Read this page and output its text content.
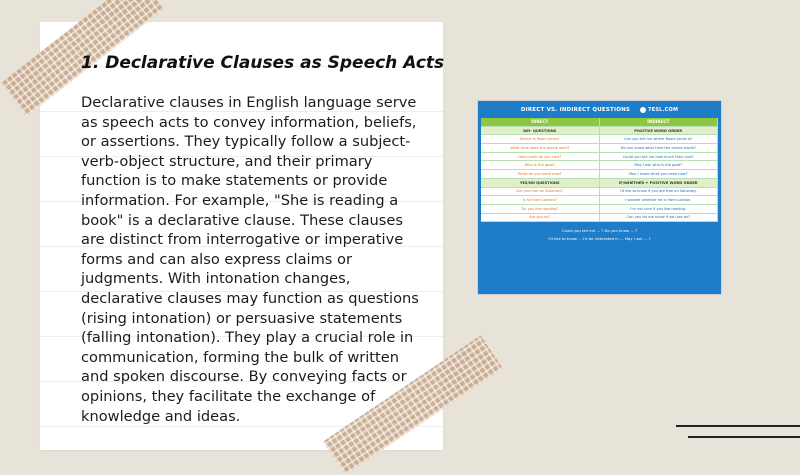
1. Declarative Clauses as Speech Acts

Declarative clauses in English language serve as speech acts to convey information, beliefs, or assertions. They typically follow a subject-verb-object structure, and their primary function is to make statements or provide information. For example, "She is reading a book" is a declarative clause. These clauses are distinct from interrogative or imperative forms and can also express claims or judgments. With intonation changes, declarative clauses may function as questions (rising intonation) or persuasive statements (falling intonation). They play a crucial role in communication, forming the bulk of written and spoken discourse. By conveying facts or opinions, they facilitate the exchange of knowledge and ideas.

DIRECT VS. INDIRECT QUESTIONS	7ESL.COM
DIRECT	INDIRECT
WH- QUESTIONS	POSITIVE WORD ORDER
Where is Room Jones?	Can you tell me where Room Jones is?
What time does the movie start?	Do you know what time the movie starts?
How much do you cost?	Could you tell me how much they cost?
Who is the goat?	May I ask who is the goat?
What do you need now?	May I know what you need now?
YES/NO QUESTIONS	IF/WHETHER + POSITIVE WORD ORDER
Are you free on Saturday?	I'd like to know if you are free on Saturday.
Is he from London?	I wonder whether he is from London.
Do you like reading?	I'm not sure if you like reading.
Are you ok?	Can you let me know if you are ok?
Could you tell me ... ? Do you know ... ?
I'd like to know ... I'd be interested in ... May I ask ... ?
